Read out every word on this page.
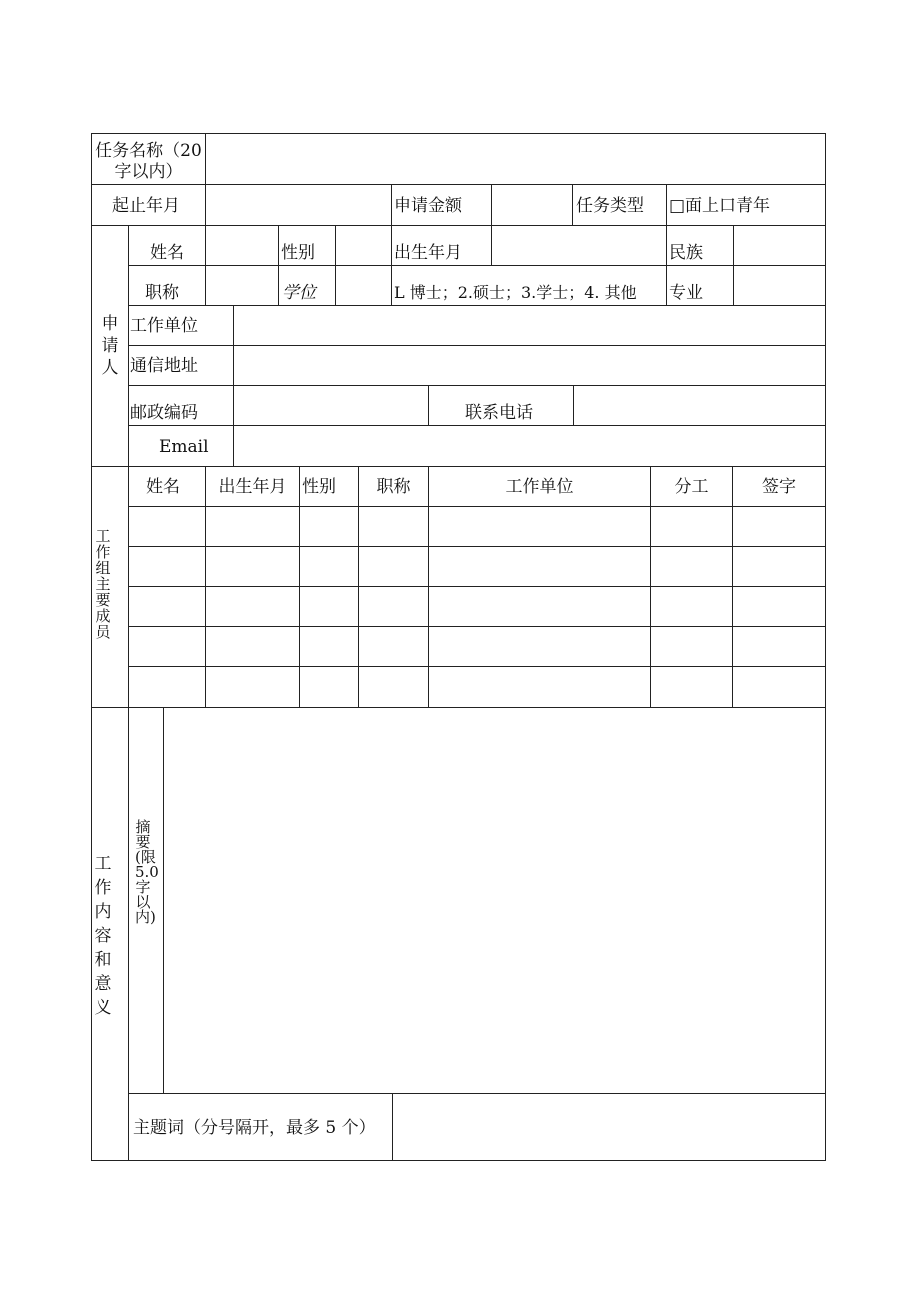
任务名称（20字以内）
起止年月	申请金额	任务类型 □面上口青年
申请人
姓名	性别	出生年月	民族
职称	学位	L 博士；2.硕士；3.学士；4. 其他 专业
工作单位
通信地址
邮政编码	联系电话
Email
工作组主要成员
姓名	出生年月 性别	职称	工作单位	分工	签字
工作内容和意义
摘要(限5.0字以内)
主题词（分号隔开，最多 5 个）
